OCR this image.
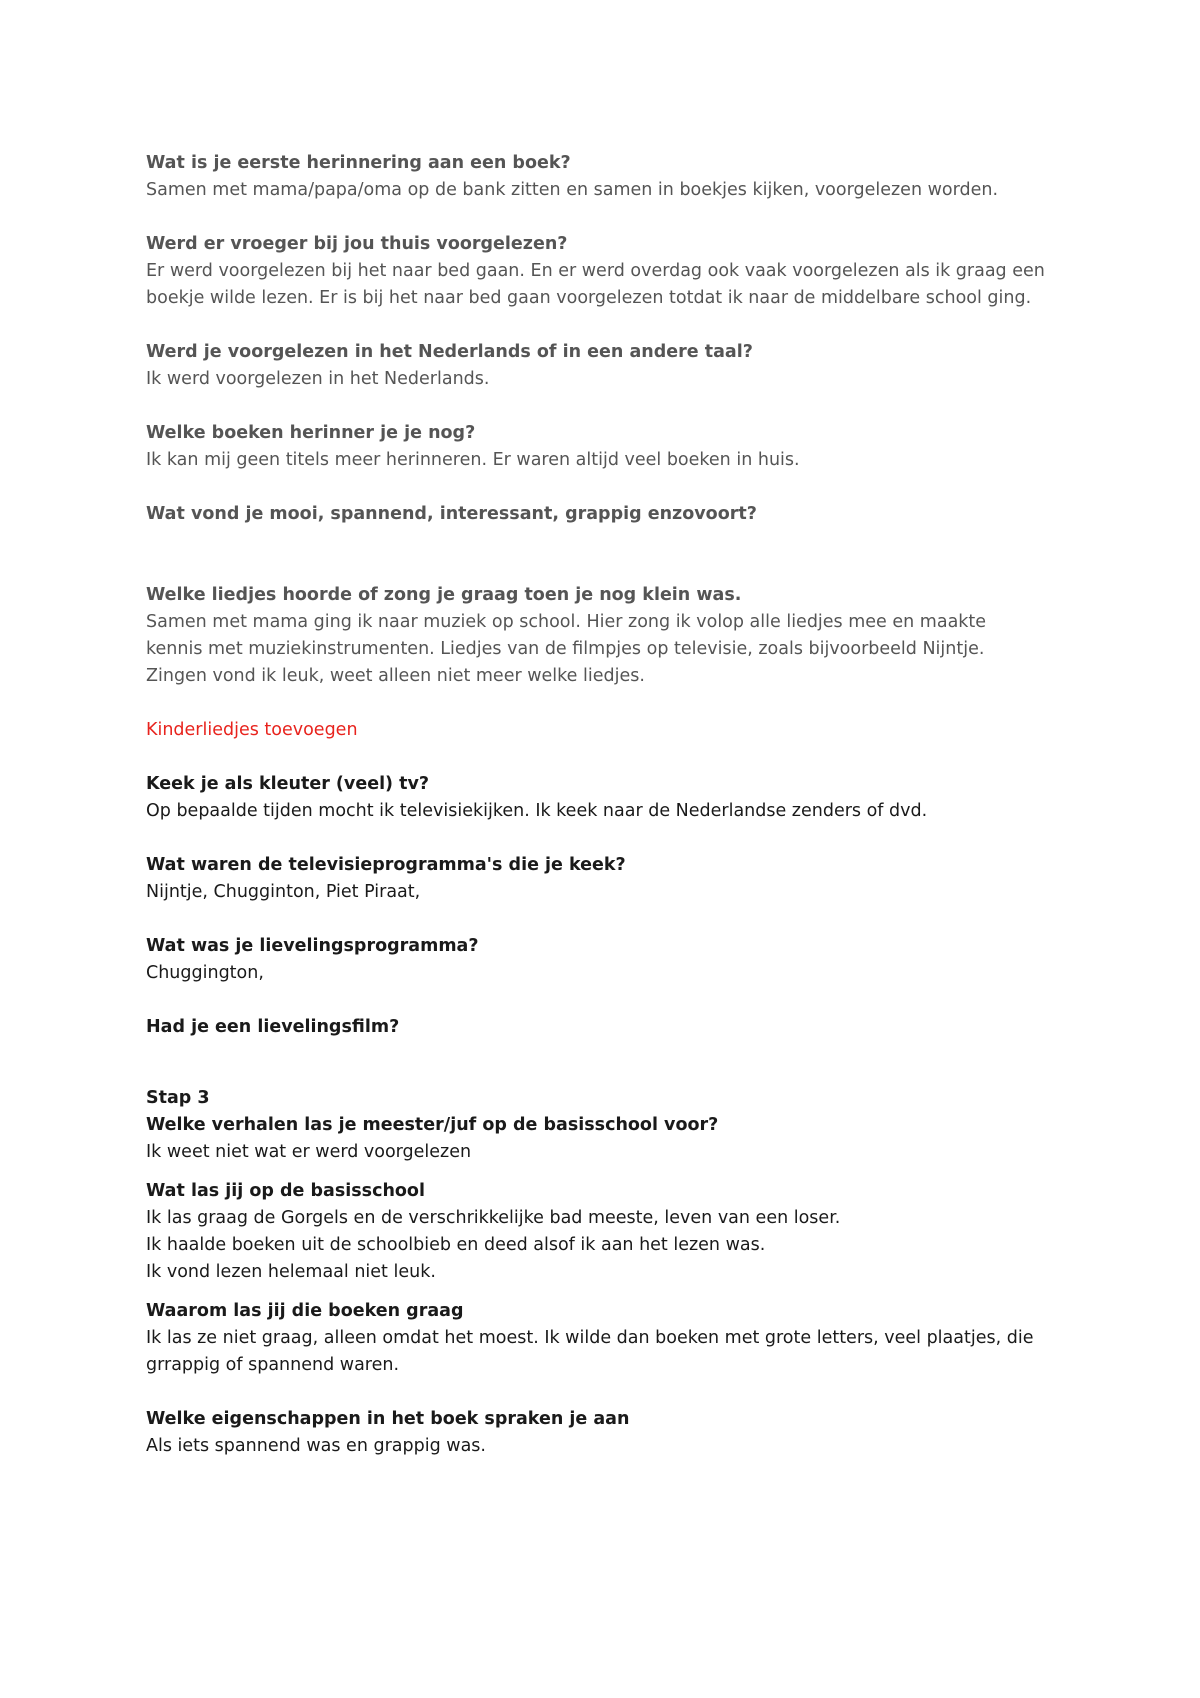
Wat is je eerste herinnering aan een boek?

Samen met mama/papa/oma op de bank zitten en samen in boekjes kijken, voorgelezen worden.

Werd er vroeger bij jou thuis voorgelezen?

Er werd voorgelezen bij het naar bed gaan. En er werd overdag ook vaak voorgelezen als ik graag een

boekje wilde lezen. Er is bij het naar bed gaan voorgelezen totdat ik naar de middelbare school ging.

Werd je voorgelezen in het Nederlands of in een andere taal?

Ik werd voorgelezen in het Nederlands.

Welke boeken herinner je je nog?

Ik kan mij geen titels meer herinneren. Er waren altijd veel boeken in huis.

Wat vond je mooi, spannend, interessant, grappig enzovoort?

Welke liedjes hoorde of zong je graag toen je nog klein was.

Samen met mama ging ik naar muziek op school. Hier zong ik volop alle liedjes mee en maakte

kennis met muziekinstrumenten. Liedjes van de filmpjes op televisie, zoals bijvoorbeeld Nijntje.

Zingen vond ik leuk, weet alleen niet meer welke liedjes.

Kinderliedjes toevoegen

Keek je als kleuter (veel) tv?

Op bepaalde tijden mocht ik televisiekijken. Ik keek naar de Nederlandse zenders of dvd.

Wat waren de televisieprogramma's die je keek?

Nijntje, Chugginton, Piet Piraat,

Wat was je lievelingsprogramma?

Chuggington,

Had je een lievelingsfilm?

Stap 3

Welke verhalen las je meester/juf op de basisschool voor?

Ik weet niet wat er werd voorgelezen

Wat las jij op de basisschool

Ik las graag de Gorgels en de verschrikkelijke bad meeste, leven van een loser.

Ik haalde boeken uit de schoolbieb en deed alsof ik aan het lezen was.

Ik vond lezen helemaal niet leuk.

Waarom las jij die boeken graag

Ik las ze niet graag, alleen omdat het moest. Ik wilde dan boeken met grote letters, veel plaatjes, die

grrappig of spannend waren.

Welke eigenschappen in het boek spraken je aan

Als iets spannend was en grappig was.
